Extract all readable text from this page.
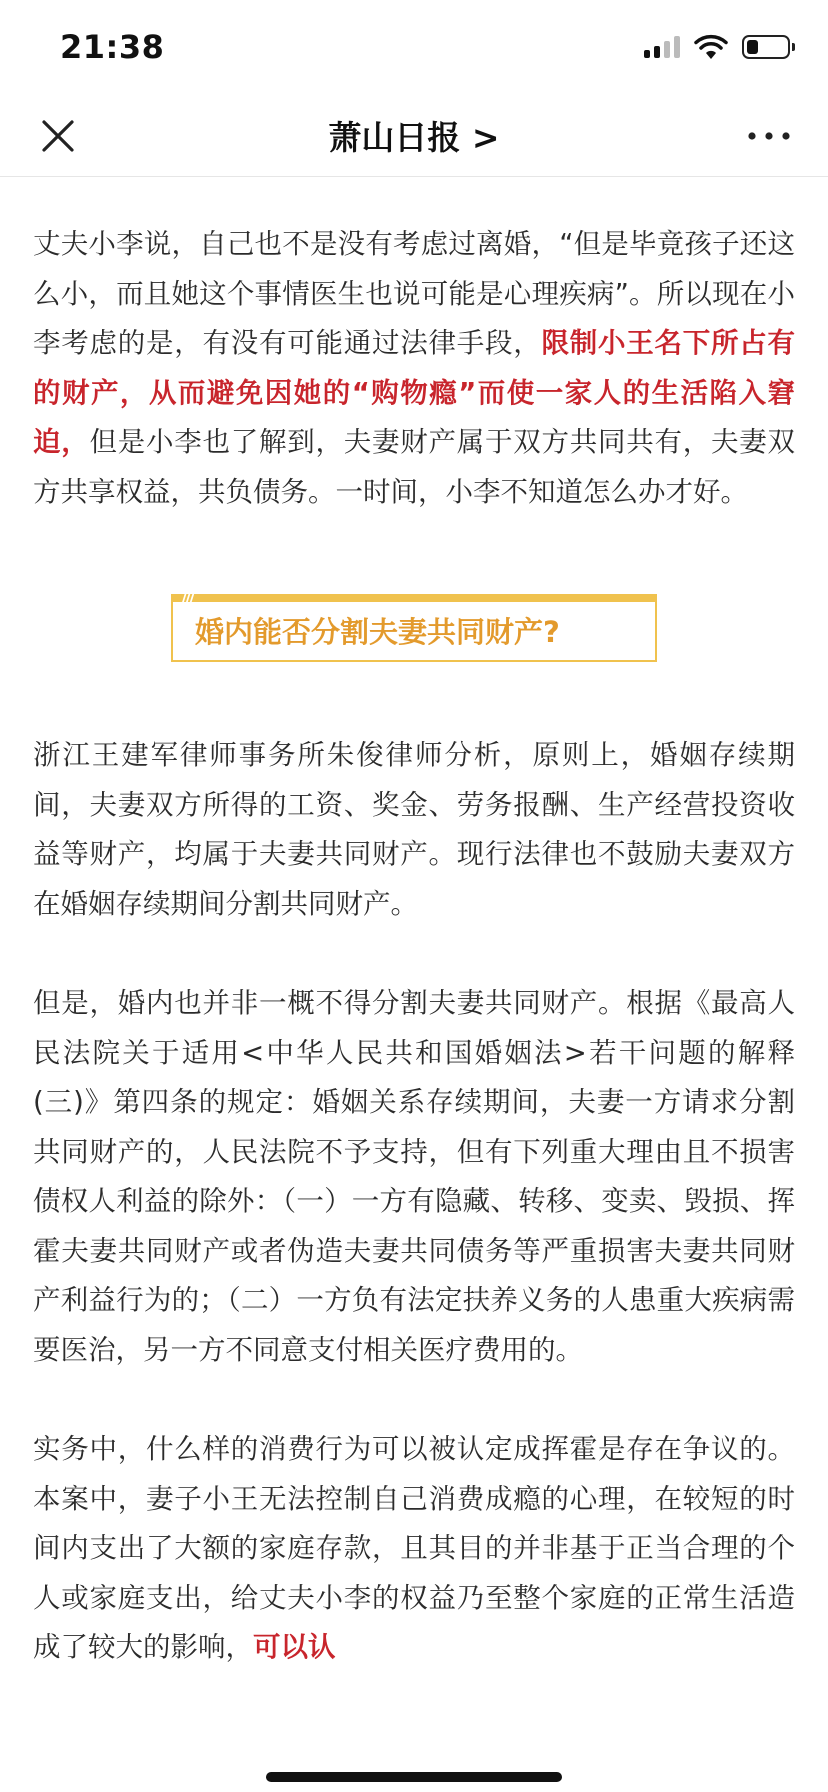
21:38
萧山日报 >

丈夫小李说，自己也不是没有考虑过离婚，“但是毕竟孩子还这么小，而且她这个事情医生也说可能是心理疾病”。所以现在小李考虑的是，有没有可能通过法律手段，限制小王名下所占有的财产，从而避免因她的“购物瘾”而使一家人的生活陷入窘迫，但是小李也了解到，夫妻财产属于双方共同共有，夫妻双方共享权益，共负债务。一时间，小李不知道怎么办才好。

///
婚内能否分割夫妻共同财产?

浙江王建军律师事务所朱俊律师分析，原则上，婚姻存续期间，夫妻双方所得的工资、奖金、劳务报酬、生产经营投资收益等财产，均属于夫妻共同财产。现行法律也不鼓励夫妻双方在婚姻存续期间分割共同财产。

但是，婚内也并非一概不得分割夫妻共同财产。根据《最高人民法院关于适用<中华人民共和国婚姻法>若干问题的解释(三)》第四条的规定：婚姻关系存续期间，夫妻一方请求分割共同财产的，人民法院不予支持，但有下列重大理由且不损害债权人利益的除外：（一）一方有隐藏、转移、变卖、毁损、挥霍夫妻共同财产或者伪造夫妻共同债务等严重损害夫妻共同财产利益行为的；（二）一方负有法定扶养义务的人患重大疾病需要医治，另一方不同意支付相关医疗费用的。

实务中，什么样的消费行为可以被认定成挥霍是存在争议的。本案中，妻子小王无法控制自己消费成瘾的心理，在较短的时间内支出了大额的家庭存款，且其目的并非基于正当合理的个人或家庭支出，给丈夫小李的权益乃至整个家庭的正常生活造成了较大的影响，可以认
